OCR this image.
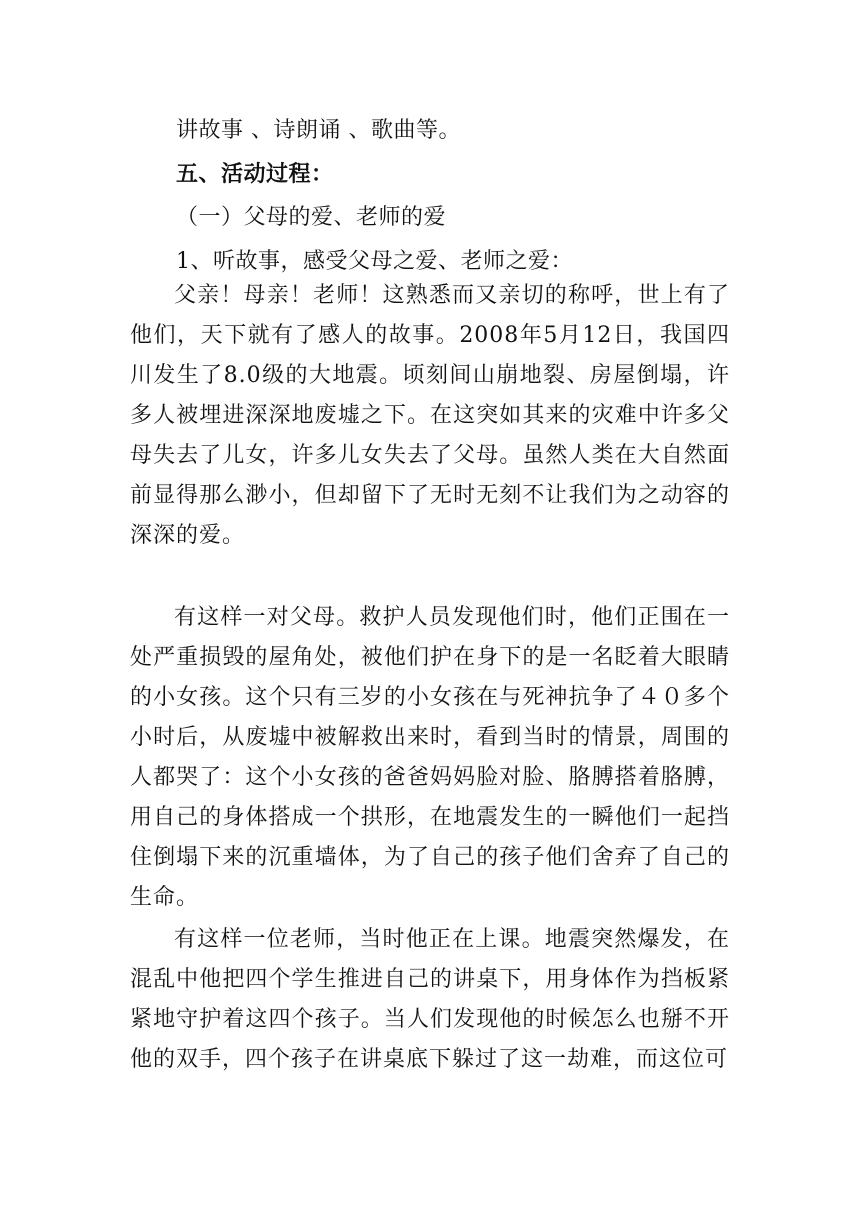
讲故事 、诗朗诵 、歌曲等。
五、活动过程：
（一）父母的爱、老师的爱
1、听故事，感受父母之爱、老师之爱：

父亲！母亲！老师！这熟悉而又亲切的称呼，世上有了他们，天下就有了感人的故事。2008年5月12日，我国四川发生了8.0级的大地震。顷刻间山崩地裂、房屋倒塌，许多人被埋进深深地废墟之下。在这突如其来的灾难中许多父母失去了儿女，许多儿女失去了父母。虽然人类在大自然面前显得那么渺小，但却留下了无时无刻不让我们为之动容的深深的爱。

有这样一对父母。救护人员发现他们时，他们正围在一处严重损毁的屋角处，被他们护在身下的是一名眨着大眼睛的小女孩。这个只有三岁的小女孩在与死神抗争了４０多个小时后，从废墟中被解救出来时，看到当时的情景，周围的人都哭了：这个小女孩的爸爸妈妈脸对脸、胳膊搭着胳膊，用自己的身体搭成一个拱形，在地震发生的一瞬他们一起挡住倒塌下来的沉重墙体，为了自己的孩子他们舍弃了自己的生命。

有这样一位老师，当时他正在上课。地震突然爆发，在混乱中他把四个学生推进自己的讲桌下，用身体作为挡板紧紧地守护着这四个孩子。当人们发现他的时候怎么也掰不开他的双手，四个孩子在讲桌底下躲过了这一劫难，而这位可
